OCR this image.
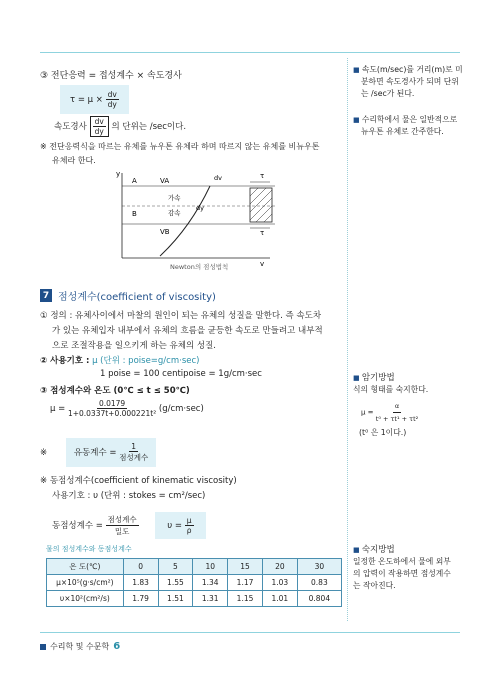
③ 전단응력 = 접성계수 × 속도경사
$\tau = \mu \times \frac{dv}{dy}$
속도경사 $\frac{dv}{dy}$ 의 단위는 /sec이다.
※ 전단응력식을 따르는 유체를 뉴우톤 유체라 하며 따르지 않는 유체를 비뉴우톤
유체라 한다.
y
A	VA
가속
감속
B
VB
dv
dy
v
τ
τ
Newton의 점성법칙
7 점성계수(coefficient of viscosity)
① 정의 : 유체사이에서 마찰의 원인이 되는 유체의 성질을 말한다. 즉 속도차
가 있는 유체입자 내부에서 유체의 흐름을 균등한 속도로 만들려고 내부적
으로 조절작용을 일으키게 하는 유체의 성질.
② 사용기호 : μ (단위 : poise=g/cm·sec)
1 poise = 100 centipoise = 1g/cm·sec
③ 점성계수와 온도 (0℃ ≤ t ≤ 50℃)
$\mu = \frac{0.0179}{\text{1+0.0337t+0.000221t²}} (g/cm\cdot\sec)$
※	유동계수 = $\frac{1}{\text{점성계수}}$
※ 동점성계수(coefficient of kinematic viscosity)
사용기호 : υ (단위 : stokes = cm²/sec)
동점성계수 = $\frac{\text{점성계수}}{\text{밀도}}$	$\upsilon = \frac{\mu}{\rho}$
물의 점성계수와 동점성계수
온 도(℃)	0	5	10	15	20	30
μ×10⁵(g·s/cm²)	1.83	1.55	1.34	1.17	1.03	0.83
υ×10²(cm²/s)	1.79	1.51	1.31	1.15	1.01	0.804
■ 속도(m/sec)를 거리(m)로 미
분하면 속도경사가 되며 단위
는 /sec가 된다.
■ 수리학에서 물은 일반적으로
뉴우톤 유체로 간주한다.
■ 암기방법
식의 형태를 숙지한다.
$\mu = \frac{\alpha}{\text{t⁰ + τt¹ + τt²}}$
(t⁰ 은 1이다.)
■ 숙지방법
일정한 온도하에서 물에 외부
의 압력이 작용하면 점성계수
는 작아진다.
수리학 및 수문학 6
